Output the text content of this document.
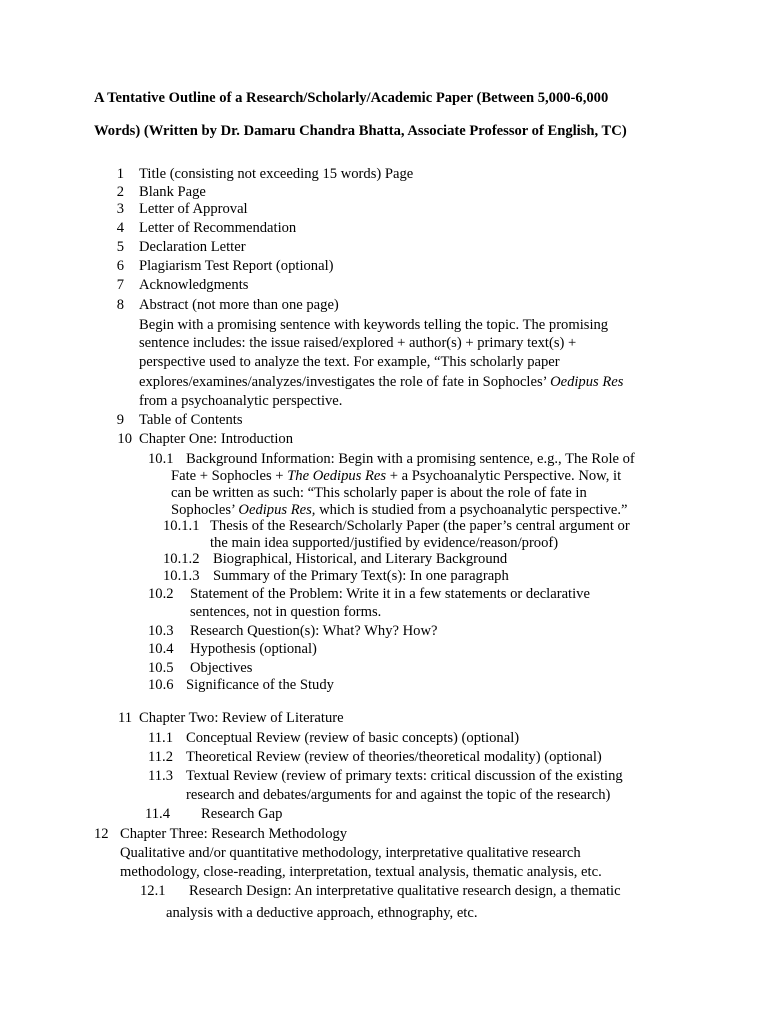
A Tentative Outline of a Research/Scholarly/Academic Paper (Between 5,000-6,000
Words) (Written by Dr. Damaru Chandra Bhatta, Associate Professor of English, TC)
1 Title (consisting not exceeding 15 words) Page
2 Blank Page
3 Letter of Approval
4 Letter of Recommendation
5 Declaration Letter
6 Plagiarism Test Report (optional)
7 Acknowledgments
8 Abstract (not more than one page)
Begin with a promising sentence with keywords telling the topic. The promising
sentence includes: the issue raised/explored + author(s) + primary text(s) +
perspective used to analyze the text. For example, “This scholarly paper
explores/examines/analyzes/investigates the role of fate in Sophocles’ Oedipus Res
from a psychoanalytic perspective.
9 Table of Contents
10 Chapter One: Introduction
10.1 Background Information: Begin with a promising sentence, e.g., The Role of
Fate + Sophocles + The Oedipus Res + a Psychoanalytic Perspective. Now, it
can be written as such: “This scholarly paper is about the role of fate in
Sophocles’ Oedipus Res, which is studied from a psychoanalytic perspective.”
10.1.1 Thesis of the Research/Scholarly Paper (the paper’s central argument or
the main idea supported/justified by evidence/reason/proof)
10.1.2 Biographical, Historical, and Literary Background
10.1.3 Summary of the Primary Text(s): In one paragraph
10.2 Statement of the Problem: Write it in a few statements or declarative
sentences, not in question forms.
10.3 Research Question(s): What? Why? How?
10.4 Hypothesis (optional)
10.5 Objectives
10.6 Significance of the Study
11 Chapter Two: Review of Literature
11.1 Conceptual Review (review of basic concepts) (optional)
11.2 Theoretical Review (review of theories/theoretical modality) (optional)
11.3 Textual Review (review of primary texts: critical discussion of the existing
research and debates/arguments for and against the topic of the research)
11.4 Research Gap
12 Chapter Three: Research Methodology
Qualitative and/or quantitative methodology, interpretative qualitative research
methodology, close-reading, interpretation, textual analysis, thematic analysis, etc.
12.1 Research Design: An interpretative qualitative research design, a thematic
analysis with a deductive approach, ethnography, etc.
